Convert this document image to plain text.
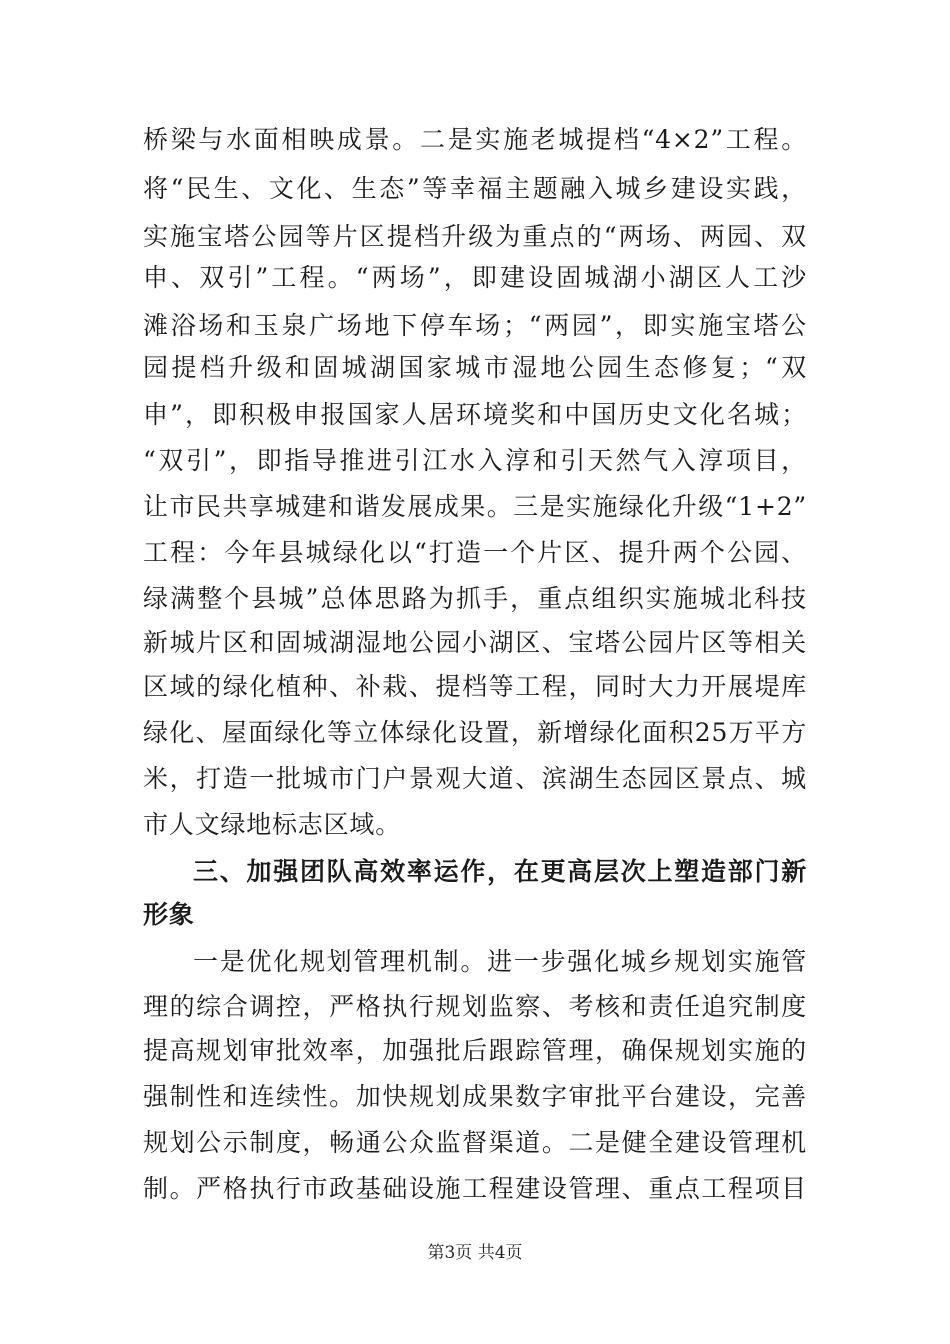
桥梁与水面相映成景。二是实施老城提档“4×2”工程。
将“民生、文化、生态”等幸福主题融入城乡建设实践，
实施宝塔公园等片区提档升级为重点的“两场、两园、双
申、双引”工程。“两场”，即建设固城湖小湖区人工沙
滩浴场和玉泉广场地下停车场；“两园”，即实施宝塔公
园提档升级和固城湖国家城市湿地公园生态修复；“双
申”，即积极申报国家人居环境奖和中国历史文化名城；
“双引”，即指导推进引江水入淳和引天然气入淳项目，
让市民共享城建和谐发展成果。三是实施绿化升级“1+2”
工程：今年县城绿化以“打造一个片区、提升两个公园、
绿满整个县城”总体思路为抓手，重点组织实施城北科技
新城片区和固城湖湿地公园小湖区、宝塔公园片区等相关
区域的绿化植种、补栽、提档等工程，同时大力开展堤库
绿化、屋面绿化等立体绿化设置，新增绿化面积25万平方
米，打造一批城市门户景观大道、滨湖生态园区景点、城
市人文绿地标志区域。
三、加强团队高效率运作，在更高层次上塑造部门新
形象
一是优化规划管理机制。进一步强化城乡规划实施管
理的综合调控，严格执行规划监察、考核和责任追究制度
提高规划审批效率，加强批后跟踪管理，确保规划实施的
强制性和连续性。加快规划成果数字审批平台建设，完善
规划公示制度，畅通公众监督渠道。二是健全建设管理机
制。严格执行市政基础设施工程建设管理、重点工程项目
第3页 共4页
